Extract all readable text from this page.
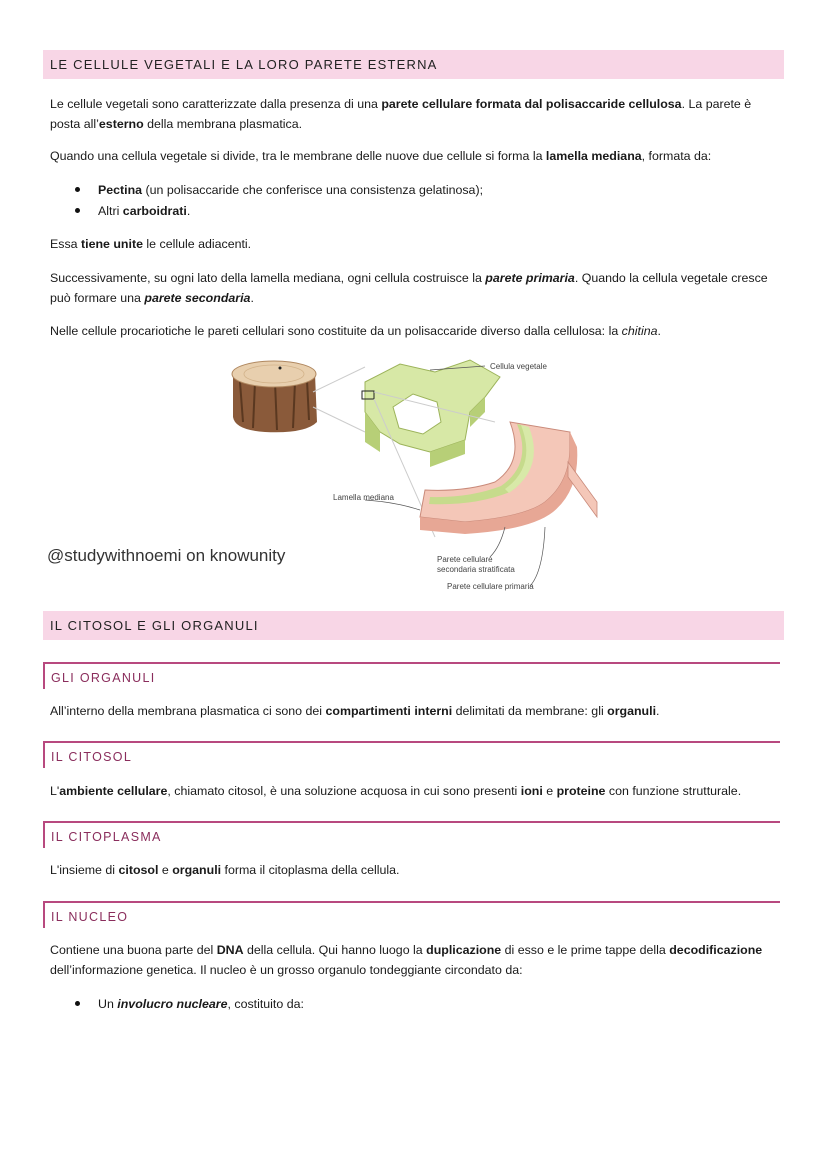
LE CELLULE VEGETALI E LA LORO PARETE ESTERNA
Le cellule vegetali sono caratterizzate dalla presenza di una parete cellulare formata dal polisaccaride cellulosa. La parete è
posta all’esterno della membrana plasmatica.
Quando una cellula vegetale si divide, tra le membrane delle nuove due cellule si forma la lamella mediana, formata da:
Pectina (un polisaccaride che conferisce una consistenza gelatinosa);
Altri carboidrati.
Essa tiene unite le cellule adiacenti.
Successivamente, su ogni lato della lamella mediana, ogni cellula costruisce la parete primaria. Quando la cellula vegetale cresce
può formare una parete secondaria.
Nelle cellule procariotiche le pareti cellulari sono costituite da un polisaccaride diverso dalla cellulosa: la chitina.
Cellula vegetale
Lamella mediana
Parete cellulare
secondaria stratificata
Parete cellulare primaria
@studywithnoemi on knowunity
IL CITOSOL E GLI ORGANULI
GLI ORGANULI
All’interno della membrana plasmatica ci sono dei compartimenti interni delimitati da membrane: gli organuli.
IL CITOSOL
L'ambiente cellulare, chiamato citosol, è una soluzione acquosa in cui sono presenti ioni e proteine con funzione strutturale.
IL CITOPLASMA
L'insieme di citosol e organuli forma il citoplasma della cellula.
IL NUCLEO
Contiene una buona parte del DNA della cellula. Qui hanno luogo la duplicazione di esso e le prime tappe della decodificazione
dell’informazione genetica. Il nucleo è un grosso organulo tondeggiante circondato da:
Un involucro nucleare, costituito da:
